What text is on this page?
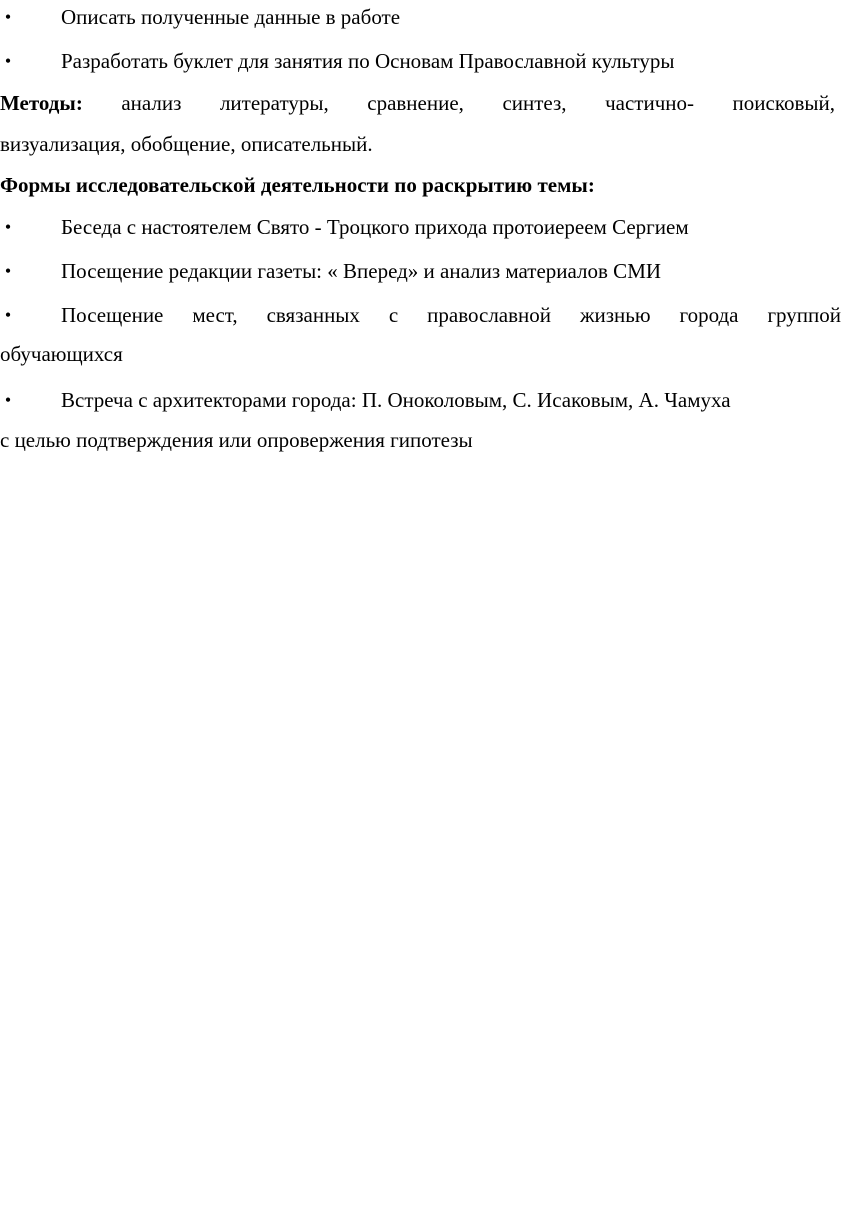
• Описать полученные данные в работе
• Разработать буклет для занятия по Основам Православной культуры
Методы: анализ литературы, сравнение, синтез, частично- поисковый,
визуализация, обобщение, описательный.
Формы исследовательской деятельности по раскрытию темы:
• Беседа с настоятелем Свято - Троцкого прихода протоиереем Сергием
• Посещение редакции газеты: « Вперед» и анализ материалов СМИ
• Посещение мест, связанных с православной жизнью города группой
обучающихся
• Встреча с архитекторами города: П. Оноколовым, С. Исаковым, А. Чамуха
с целью подтверждения или опровержения гипотезы
